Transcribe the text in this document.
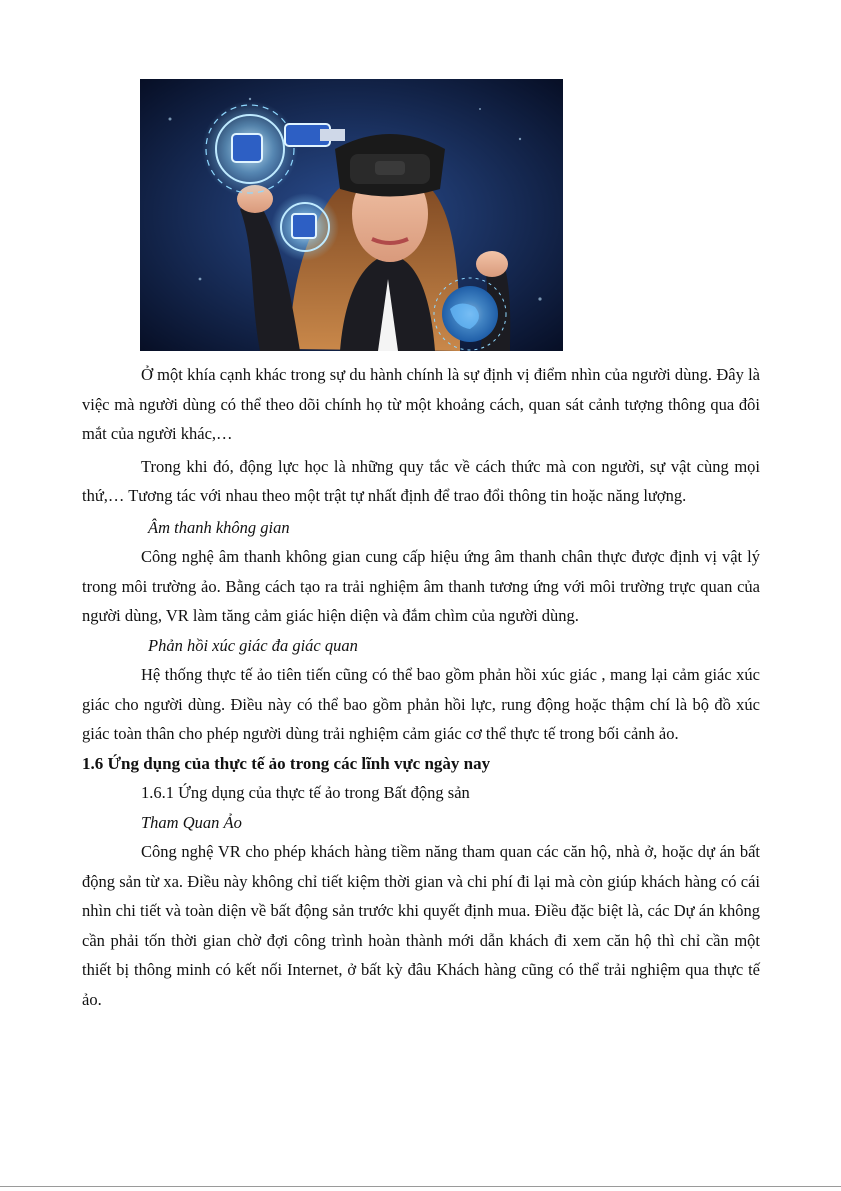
Ở một khía cạnh khác trong sự du hành chính là sự định vị điểm nhìn của người dùng. Đây là việc mà người dùng có thể theo dõi chính họ từ một khoảng cách, quan sát cảnh tượng thông qua đôi mắt của người khác,…

Trong khi đó, động lực học là những quy tắc về cách thức mà con người, sự vật cùng mọi thứ,… Tương tác với nhau theo một trật tự nhất định để trao đổi thông tin hoặc năng lượng.

Âm thanh không gian

Công nghệ âm thanh không gian cung cấp hiệu ứng âm thanh chân thực được định vị vật lý trong môi trường ảo. Bằng cách tạo ra trải nghiệm âm thanh tương ứng với môi trường trực quan của người dùng, VR làm tăng cảm giác hiện diện và đắm chìm của người dùng.

Phản hồi xúc giác đa giác quan

Hệ thống thực tế ảo tiên tiến cũng có thể bao gồm phản hồi xúc giác , mang lại cảm giác xúc giác cho người dùng. Điều này có thể bao gồm phản hồi lực, rung động hoặc thậm chí là bộ đồ xúc giác toàn thân cho phép người dùng trải nghiệm cảm giác cơ thể thực tế trong bối cảnh ảo.

1.6 Ứng dụng của thực tế ảo trong các lĩnh vực ngày nay

1.6.1 Ứng dụng của thực tế ảo trong Bất động sản

Tham Quan Ảo

Công nghệ VR cho phép khách hàng tiềm năng tham quan các căn hộ, nhà ở, hoặc dự án bất động sản từ xa. Điều này không chỉ tiết kiệm thời gian và chi phí đi lại mà còn giúp khách hàng có cái nhìn chi tiết và toàn diện về bất động sản trước khi quyết định mua. Điều đặc biệt là, các Dự án không cần phải tốn thời gian chờ đợi công trình hoàn thành mới dẫn khách đi xem căn hộ thì chỉ cần một thiết bị thông minh có kết nối Internet, ở bất kỳ đâu Khách hàng cũng có thể trải nghiệm qua thực tế ảo.
